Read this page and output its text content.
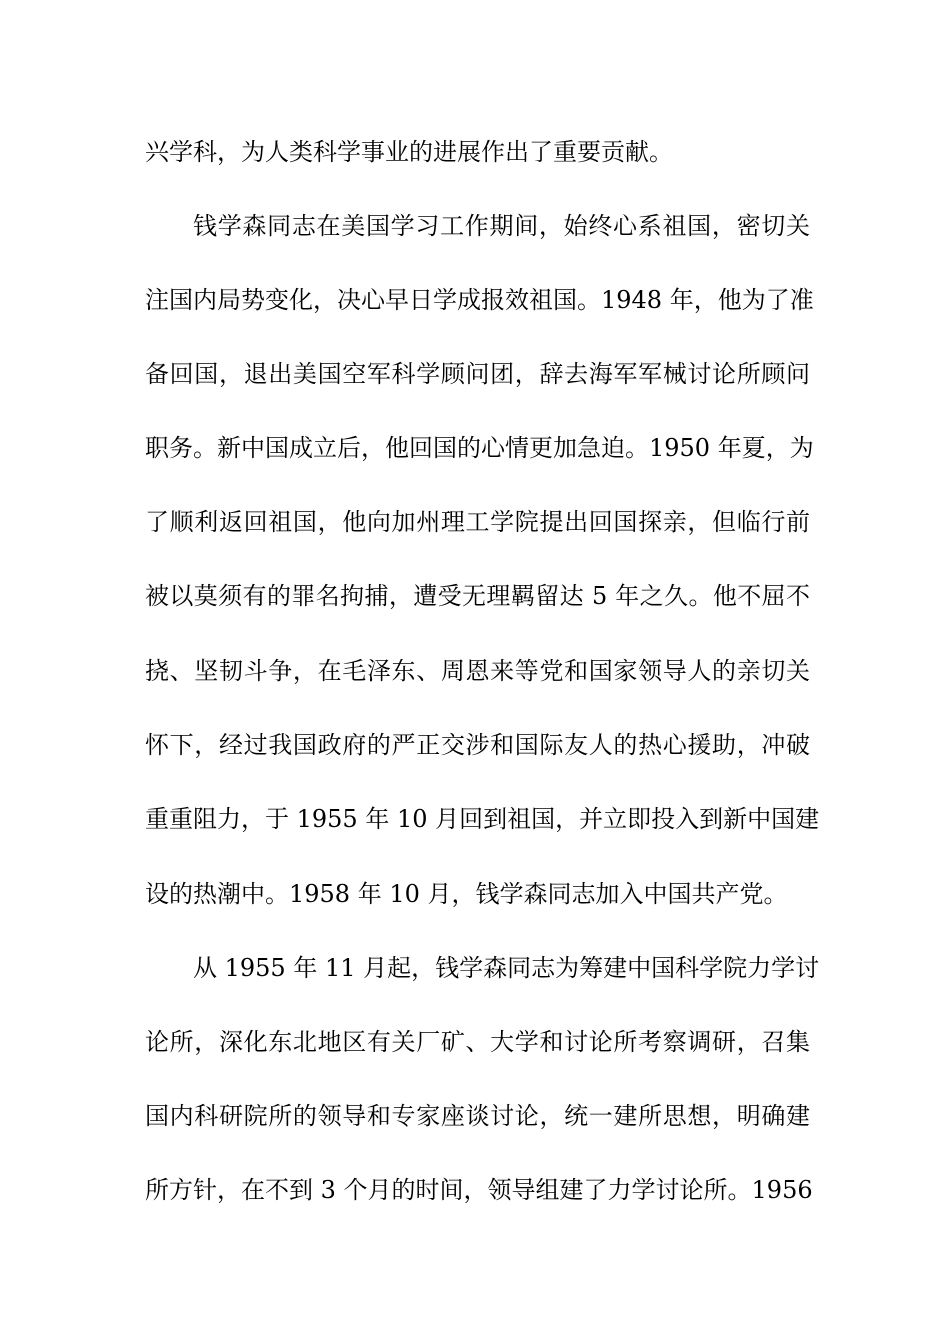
兴学科，为人类科学事业的进展作出了重要贡献。
钱学森同志在美国学习工作期间，始终心系祖国，密切关
注国内局势变化，决心早日学成报效祖国。1948 年，他为了准
备回国，退出美国空军科学顾问团，辞去海军军械讨论所顾问
职务。新中国成立后，他回国的心情更加急迫。1950 年夏，为
了顺利返回祖国，他向加州理工学院提出回国探亲，但临行前
被以莫须有的罪名拘捕，遭受无理羁留达 5 年之久。他不屈不
挠、坚韧斗争，在毛泽东、周恩来等党和国家领导人的亲切关
怀下，经过我国政府的严正交涉和国际友人的热心援助，冲破
重重阻力，于 1955 年 10 月回到祖国，并立即投入到新中国建
设的热潮中。1958 年 10 月，钱学森同志加入中国共产党。
从 1955 年 11 月起，钱学森同志为筹建中国科学院力学讨
论所，深化东北地区有关厂矿、大学和讨论所考察调研，召集
国内科研院所的领导和专家座谈讨论，统一建所思想，明确建
所方针，在不到 3 个月的时间，领导组建了力学讨论所。1956
